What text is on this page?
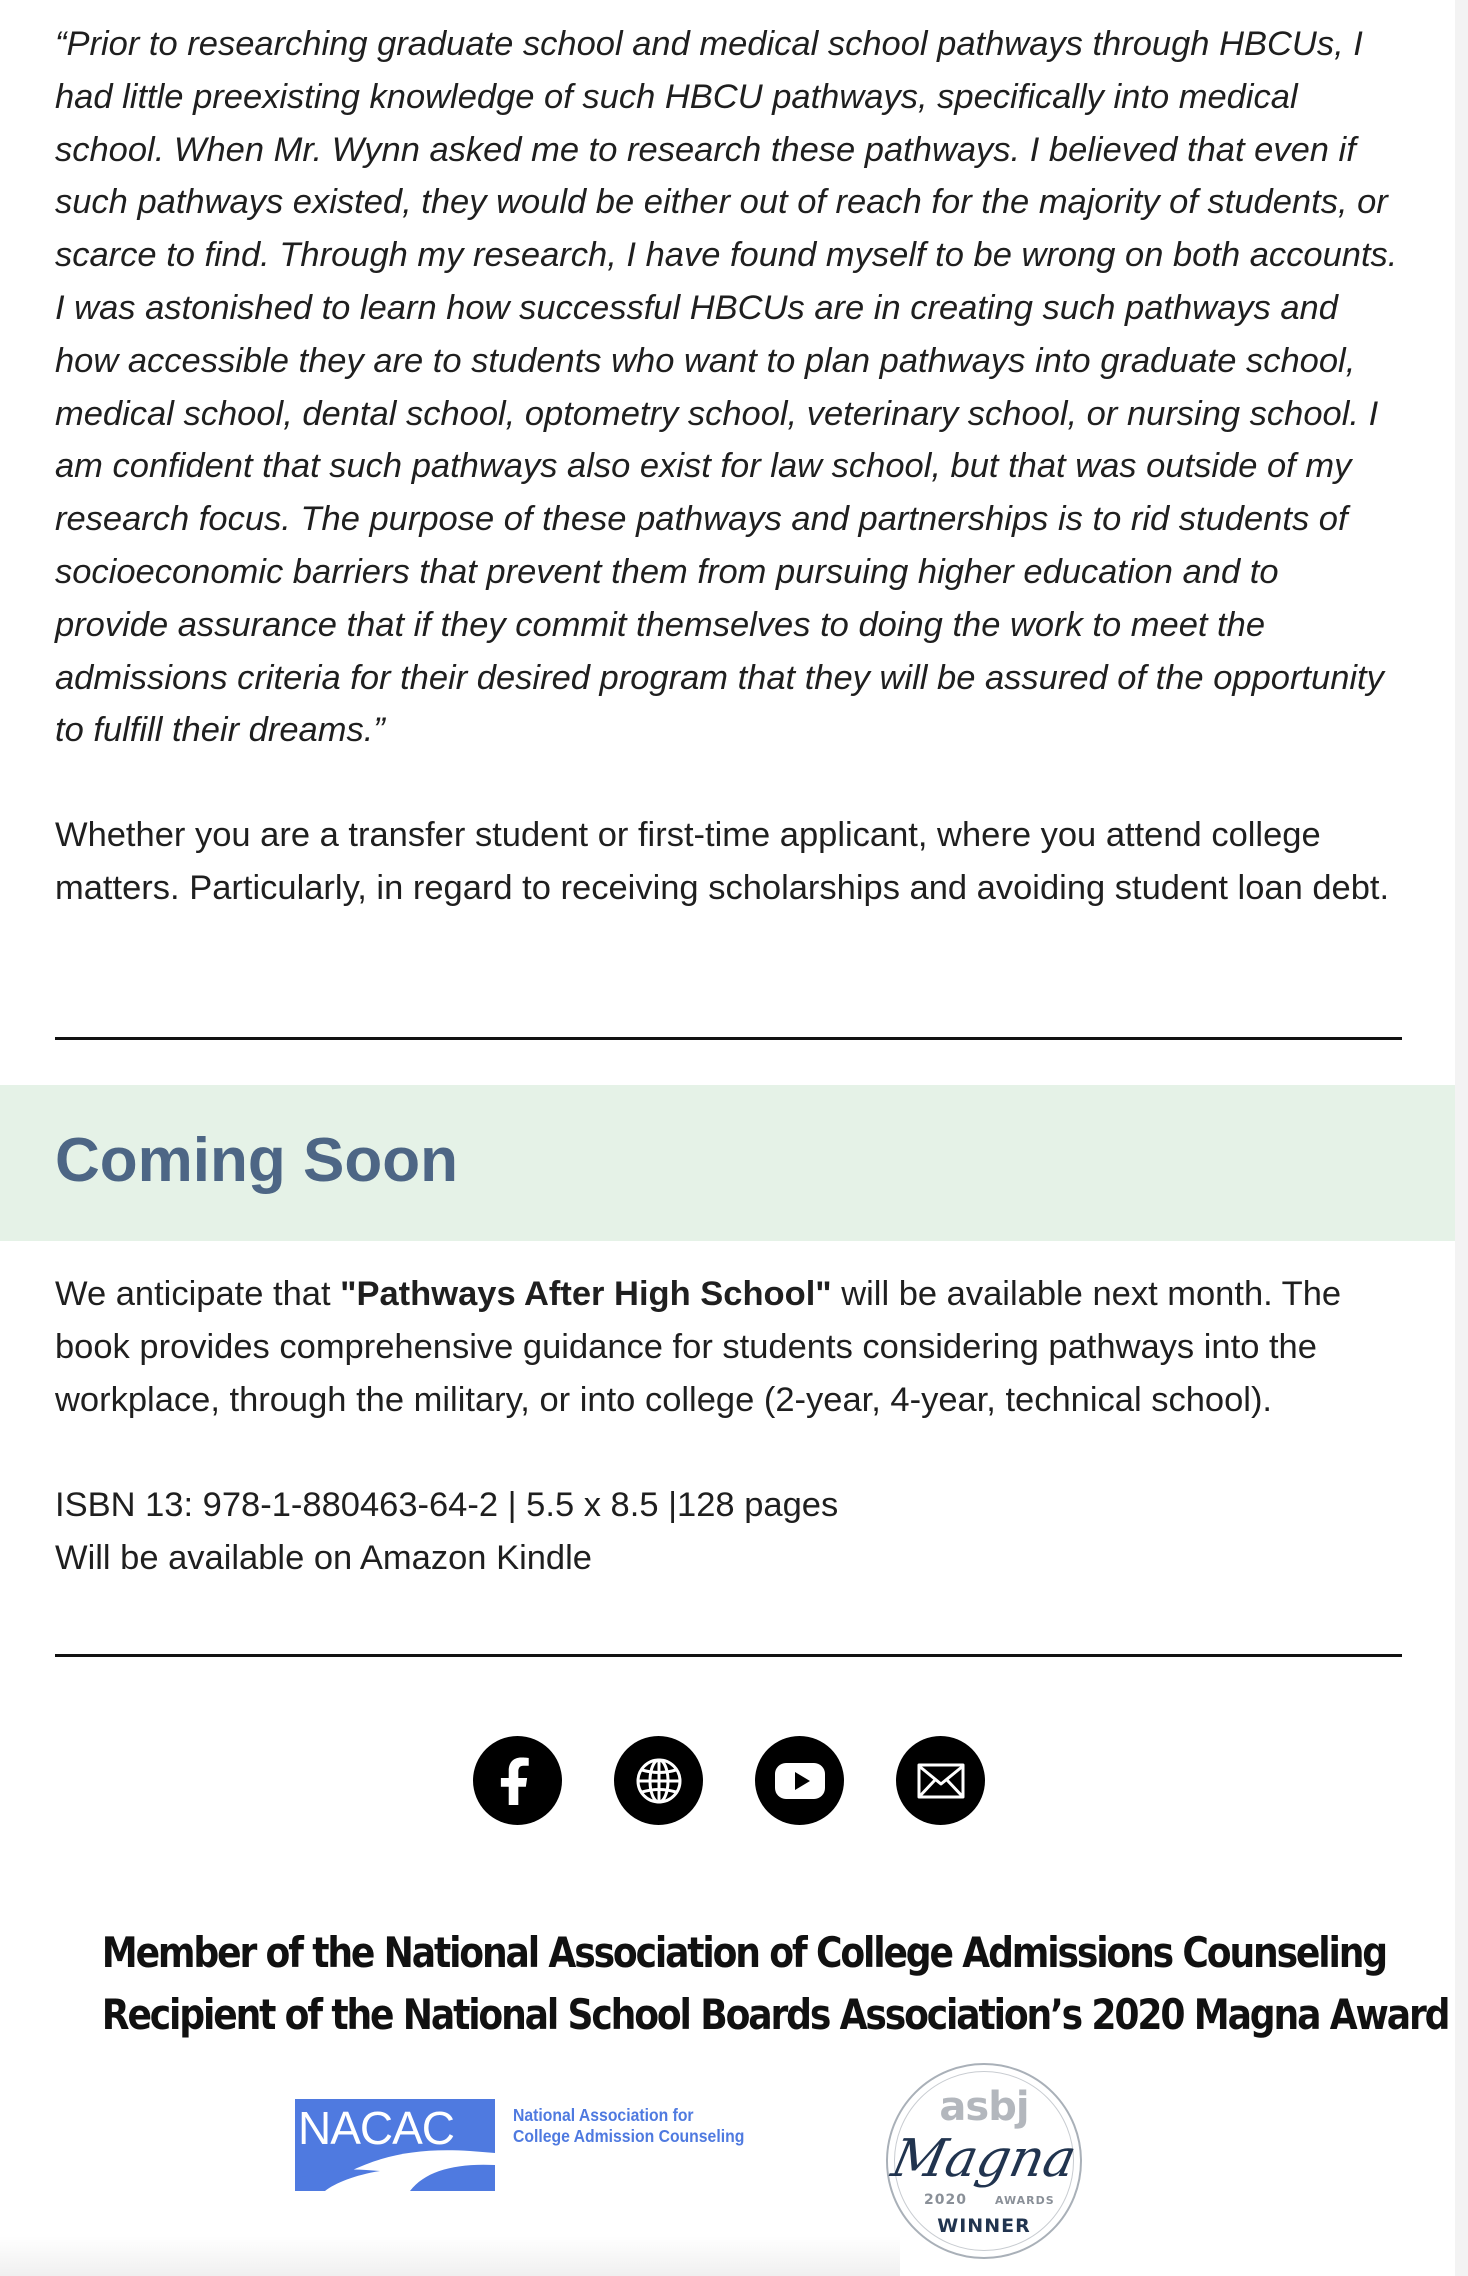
“Prior to researching graduate school and medical school pathways through HBCUs, I had little preexisting knowledge of such HBCU pathways, specifically into medical school. When Mr. Wynn asked me to research these pathways. I believed that even if such pathways existed, they would be either out of reach for the majority of students, or scarce to find. Through my research, I have found myself to be wrong on both accounts. I was astonished to learn how successful HBCUs are in creating such pathways and how accessible they are to students who want to plan pathways into graduate school, medical school, dental school, optometry school, veterinary school, or nursing school. I am confident that such pathways also exist for law school, but that was outside of my research focus. The purpose of these pathways and partnerships is to rid students of socioeconomic barriers that prevent them from pursuing higher education and to provide assurance that if they commit themselves to doing the work to meet the admissions criteria for their desired program that they will be assured of the opportunity to fulfill their dreams.”

Whether you are a transfer student or first-time applicant, where you attend college matters. Particularly, in regard to receiving scholarships and avoiding student loan debt.

Coming Soon

We anticipate that "Pathways After High School" will be available next month. The book provides comprehensive guidance for students considering pathways into the workplace, through the military, or into college (2-year, 4-year, technical school).

ISBN 13: 978-1-880463-64-2 | 5.5 x 8.5 |128 pages
Will be available on Amazon Kindle
Member of the National Association of College Admissions Counseling
Recipient of the National School Boards Association’s 2020 Magna Award
NACAC	National Association for
College Admission Counseling
asbj
Magna
2020	AWARDS
WINNER
